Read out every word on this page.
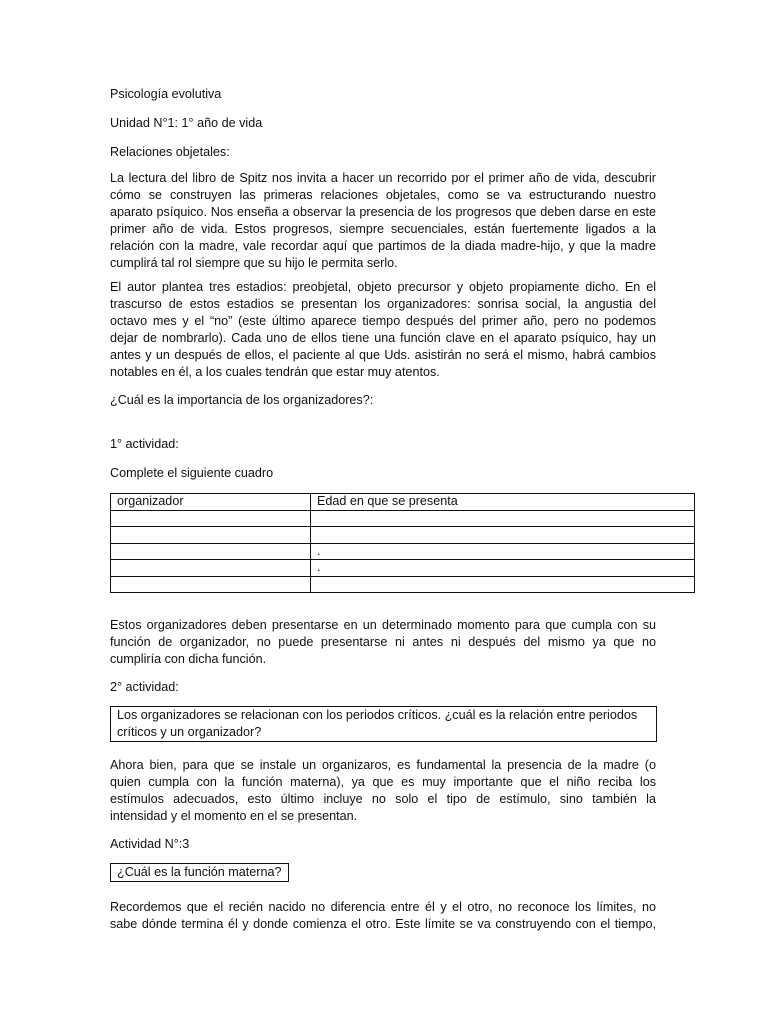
Psicología evolutiva

Unidad N°1: 1° año de vida

Relaciones objetales:

La lectura del libro de Spitz nos invita a hacer un recorrido por el primer año de vida, descubrir
cómo se construyen las primeras relaciones objetales, como se va estructurando nuestro
aparato psíquico. Nos enseña a observar la presencia de los progresos que deben darse en este
primer año de vida. Estos progresos, siempre secuenciales, están fuertemente ligados a la
relación con la madre, vale recordar aquí que partimos de la diada madre-hijo, y que la madre
cumplirá tal rol siempre que su hijo le permita serlo.
El autor plantea tres estadios: preobjetal, objeto precursor y objeto propiamente dicho. En el
trascurso de estos estadios se presentan los organizadores: sonrisa social, la angustia del
octavo mes y el “no” (este último aparece tiempo después del primer año, pero no podemos
dejar de nombrarlo). Cada uno de ellos tiene una función clave en el aparato psíquico, hay un
antes y un después de ellos, el paciente al que Uds. asistirán no será el mismo, habrá cambios
notables en él, a los cuales tendrán que estar muy atentos.

¿Cuál es la importancia de los organizadores?:

1° actividad:

Complete el siguiente cuadro

organizador	Edad en que se presenta

	.
	.

Estos organizadores deben presentarse en un determinado momento para que cumpla con su
función de organizador, no puede presentarse ni antes ni después del mismo ya que no
cumpliría con dicha función.

2° actividad:

Los organizadores se relacionan con los periodos críticos. ¿cuál es la relación entre periodos
críticos y un organizador?
Ahora bien, para que se instale un organizaros, es fundamental la presencia de la madre (o
quien cumpla con la función materna), ya que es muy importante que el niño reciba los
estímulos adecuados, esto último incluye no solo el tipo de estímulo, sino también la
intensidad y el momento en el se presentan.

Actividad N°:3

¿Cuál es la función materna?
Recordemos que el recién nacido no diferencia entre él y el otro, no reconoce los límites, no
sabe dónde termina él y donde comienza el otro. Este límite se va construyendo con el tiempo,
